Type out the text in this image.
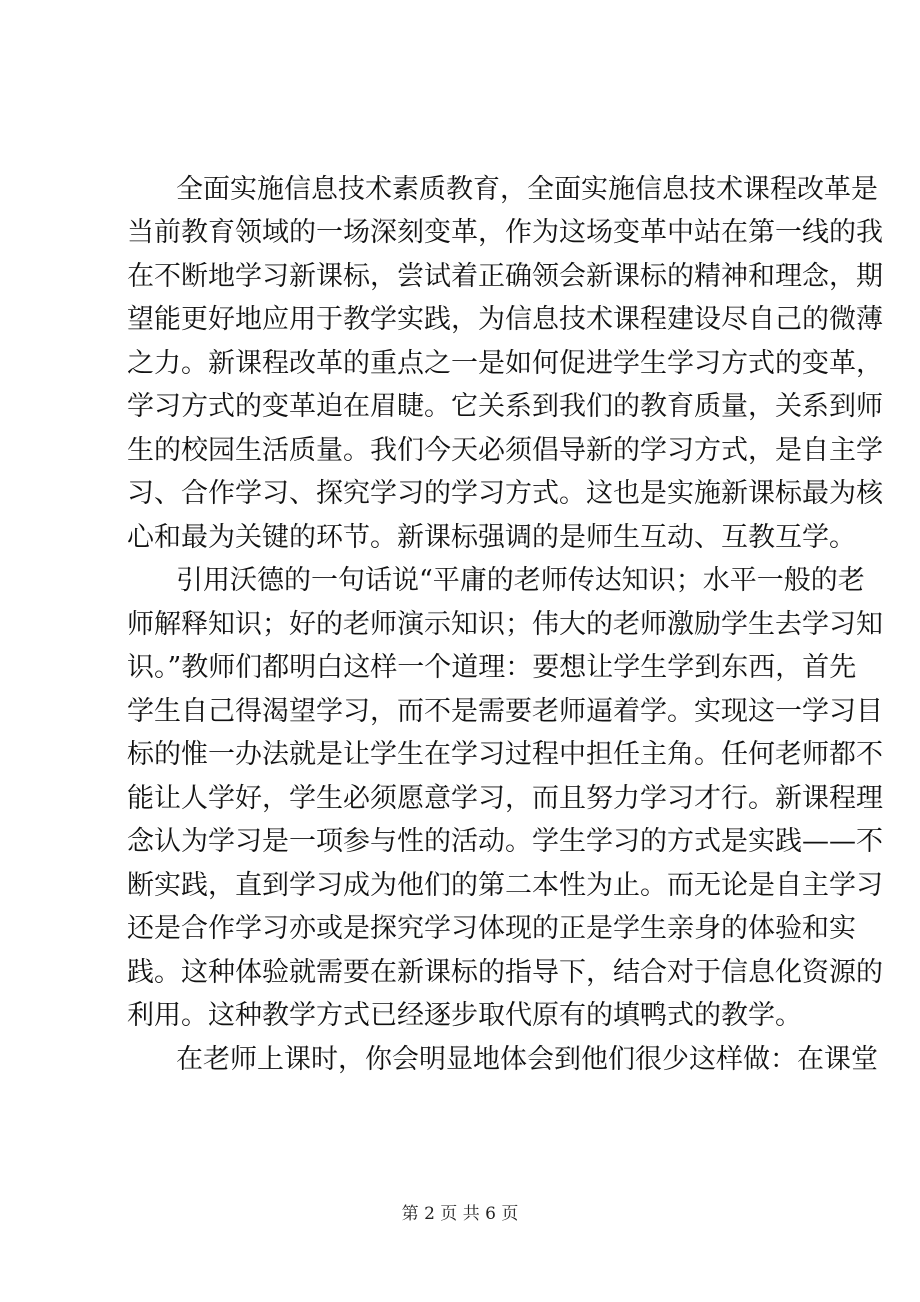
全面实施信息技术素质教育，全面实施信息技术课程改革是
当前教育领域的一场深刻变革，作为这场变革中站在第一线的我
在不断地学习新课标，尝试着正确领会新课标的精神和理念，期
望能更好地应用于教学实践，为信息技术课程建设尽自己的微薄
之力。新课程改革的重点之一是如何促进学生学习方式的变革，
学习方式的变革迫在眉睫。它关系到我们的教育质量，关系到师
生的校园生活质量。我们今天必须倡导新的学习方式，是自主学
习、合作学习、探究学习的学习方式。这也是实施新课标最为核
心和最为关键的环节。新课标强调的是师生互动、互教互学。
引用沃德的一句话说“平庸的老师传达知识；水平一般的老
师解释知识；好的老师演示知识；伟大的老师激励学生去学习知
识。”教师们都明白这样一个道理：要想让学生学到东西，首先
学生自己得渴望学习，而不是需要老师逼着学。实现这一学习目
标的惟一办法就是让学生在学习过程中担任主角。任何老师都不
能让人学好，学生必须愿意学习，而且努力学习才行。新课程理
念认为学习是一项参与性的活动。学生学习的方式是实践——不
断实践，直到学习成为他们的第二本性为止。而无论是自主学习
还是合作学习亦或是探究学习体现的正是学生亲身的体验和实
践。这种体验就需要在新课标的指导下，结合对于信息化资源的
利用。这种教学方式已经逐步取代原有的填鸭式的教学。
在老师上课时，你会明显地体会到他们很少这样做：在课堂
第 2 页 共 6 页
